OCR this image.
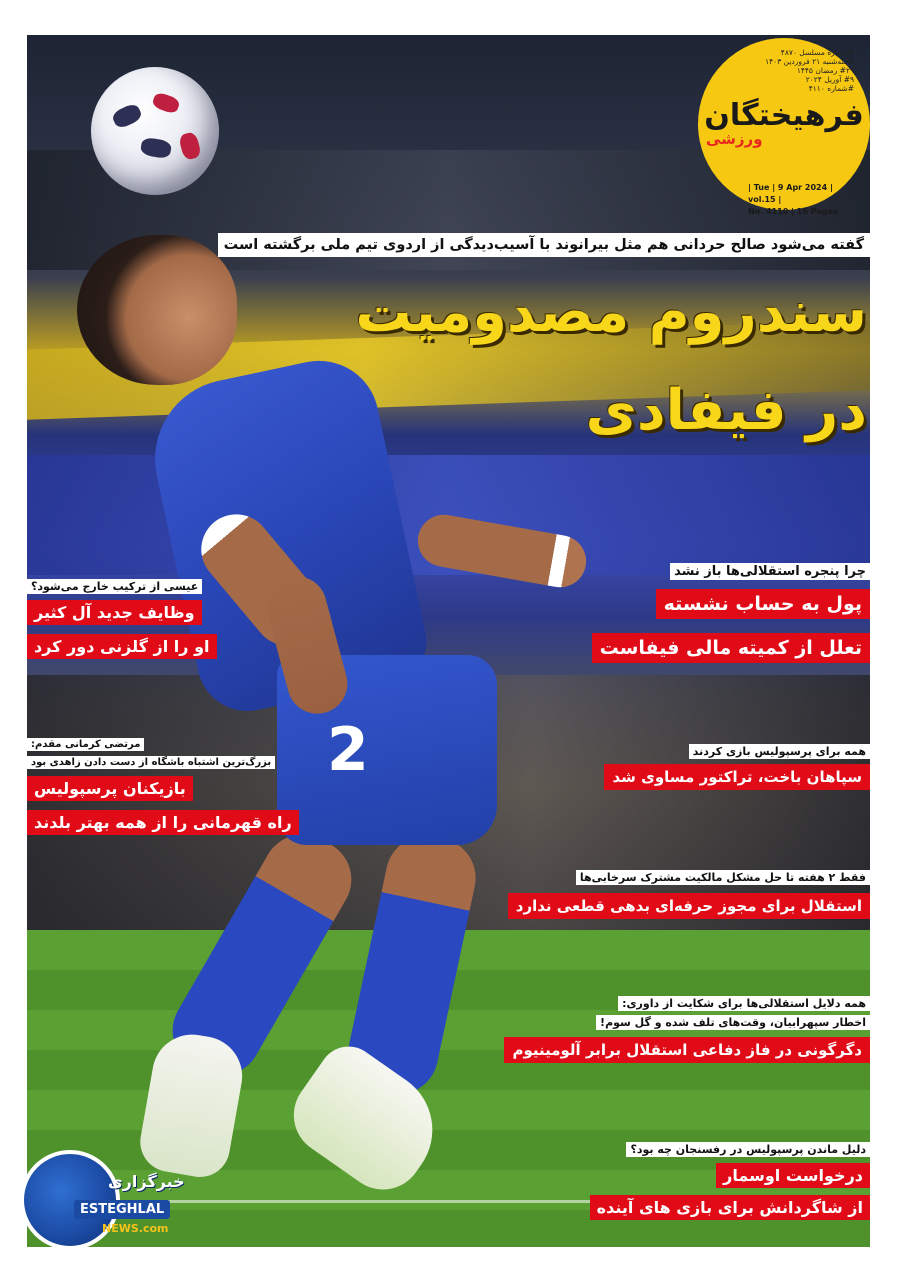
2
#شماره مسلسل ۴۸۷۰
#سه‌شنبه ۲۱ فروردین ۱۴۰۳
#۲۹ رمضان ۱۴۴۵
#۹ آوریل ۲۰۲۴
#شماره ۴۱۱۰
فرهیختگان
ورزشی
| Tue | 9 Apr 2024 | vol.15 |
No. 4110 | 16 Pages
گفته می‌شود صالح حردانی هم مثل بیرانوند با آسیب‌دیدگی از اردوی تیم ملی برگشته است
سندروم مصدومیت
در فیفادی
چرا پنجره استقلالی‌ها باز نشد
پول به حساب نشسته
تعلل از کمیته مالی فیفاست
همه برای پرسپولیس بازی کردند
سپاهان باخت، تراکتور مساوی شد
فقط ۲ هفته تا حل مشکل مالکیت مشترک سرخابی‌ها
استقلال برای مجوز حرفه‌ای بدهی قطعی ندارد
همه دلایل استقلالی‌ها برای شکایت از داوری:
اخطار سپهرابیان، وقت‌های تلف شده و گل سوم!
دگرگونی در فاز دفاعی استقلال برابر آلومینیوم
دلیل ماندن پرسپولیس در رفسنجان چه بود؟
درخواست اوسمار
از شاگردانش برای بازی های آینده
عیسی از ترکیب خارج می‌شود؟
وظایف جدید آل کثیر
او را از گلزنی دور کرد
مرتضی کرمانی مقدم:
بزرگ‌ترین اشتباه باشگاه از دست دادن زاهدی بود
بازیکنان پرسپولیس
راه قهرمانی را از همه بهتر بلدند
خبرگزاری
ESTEGHLAL
NEWS.com
